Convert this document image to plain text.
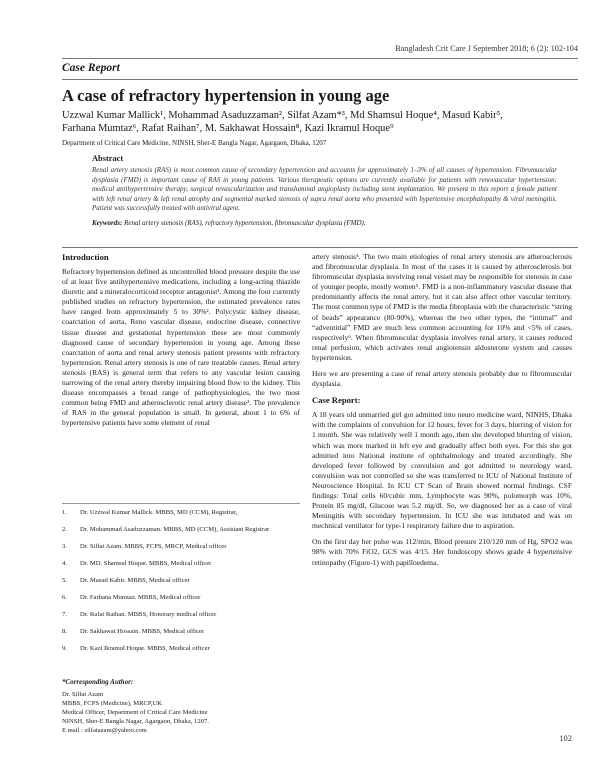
Bangladesh Crit Care J September 2018; 6 (2): 102-104
Case Report
A case of refractory hypertension in young age
Uzzwal Kumar Mallick¹, Mohammad Asaduzzaman², Silfat Azam*³, Md Shamsul Hoque⁴, Masud Kabir⁵,
Farhana Mumtaz⁶, Rafat Raihan⁷, M. Sakhawat Hossain⁸, Kazi Ikramul Hoque⁹
Department of Critical Care Medicine, NINSH, Sher-E Bangla Nagar, Agargaon, Dhaka, 1207
Abstract

Renal artery stenosis (RAS) is most common cause of secondary hypertension and accounts for approximately 1–3% of all causes of hypertension. Fibromuscular dysplasia (FMD) is important cause of RAS in young patients. Various therapeutic options are currently available for patients with renovascular hypertension: medical antihypertensive therapy, surgical revascularization and transluminal angioplasty including stent implantation. We present in this report a female patient with left renal artery & left renal atrophy and segmental marked stenosis of supra renal aorta who presented with hypertensive encephalopathy & viral meningitis. Patient was successfully treated with antiviral agent.

Keywords: Renal artery stenosis (RAS), refractory hypertension, fibromuscular dysplasia (FMD).
Introduction

Refractory hypertension defined as uncontrolled blood pressure despite the use of at least five antihypertensive medications, including a long-acting thiazide diuretic and a mineralocorticoid receptor antagonist¹. Among the four currently published studies on refractory hypertension, the estimated prevalence rates have ranged from approximately 5 to 30%². Polycystic kidney disease, coarctation of aorta, Reno vascular disease, endocrine disease, connective tissue disease and gestational hypertension these are most commonly diagnosed cause of secondary hypertension in young age. Among these coarctation of aorta and renal artery stenosis patient presents with refractory hypertension. Renal artery stenosis is one of rare treatable causes. Renal artery stenosis (RAS) is general term that refers to any vascular lesion causing narrowing of the renal artery thereby impairing blood flow to the kidney. This disease encompasses a broad range of pathophysiologies, the two most common being FMD and atherosclerotic renal artery disease³. The prevalence of RAS in the general population is small. In general, about 1 to 6% of hypertensive patients have some element of renal

1.	Dr. Uzzwal Kumar Mallick. MBBS, MD (CCM), Registrar,
2.	Dr. Mohammad Asaduzzaman. MBBS, MD (CCM), Assistant Registrar
3.	Dr. Silfat Azam. MBBS, FCPS, MRCP, Medical officer
4.	Dr. MD. Shamsul Hoque. MBBS, Medical officer
5.	Dr. Masud Kabir. MBBS, Medical officer
6.	Dr. Farhana Mumtaz. MBBS, Medical officer
7.	Dr. Rafat Raihan. MBBS, Honorary medical officer
8.	Dr. Sakhawat Hossain. MBBS, Medical officer
9.	Dr. Kazi Ikramul Hoque. MBBS, Medical officer
*Corresponding Author:
Dr. Silfat Azam
MBBS, FCPS (Medicine), MRCP,UK
Medical Officer, Department of Critical Care Medicine
NINSH, Sher-E Bangla Nagar, Agargaon, Dhaka, 1207.
E mail : silfatazam@yahoo.com

artery stenosis⁴. The two main etiologies of renal artery stenosis are atherosclerosis and fibromuscular dysplasia. In most of the cases it is caused by atherosclerosis but fibromuscular dysplasia involving renal vessel may be responsible for stenosis in case of younger people, mostly women⁵. FMD is a non-inflammatory vascular disease that predominantly affects the renal artery, but it can also affect other vascular territory. The most common type of FMD is the media fibroplasia with the characteristic “string of beads” appearance (80-90%), whereas the two other types, the “intimal” and “adventitial” FMD are much less common accounting for 10% and <5% of cases, respectively⁶. When fibromuscular dysplasia involves renal artery, it causes reduced renal perfusion, which activates renal angiotensin aldosterone system and causes hypertension.

Here we are presenting a case of renal artery stenosis probably due to fibromuscular dysplasia.

Case Report:

A 18 years old unmarried girl got admitted into neuro medicine ward, NINHS, Dhaka with the complaints of convulsion for 12 hours, fever for 3 days, blurring of vision for 1 month. She was relatively well 1 month ago, then she developed blurring of vision, which was more marked in left eye and gradually affect both eyes. For this she got admitted into National institute of ophthalmology and treated accordingly. She developed fever followed by convulsion and got admitted to neurology ward, convulsion was not controlled so she was transferred to ICU of National Institute of Neuroscience Hospital. In ICU CT Scan of Brain showed normal findings. CSF findings: Total cells 60/cubic mm, Lymphocyte was 90%, polomorph was 10%, Protein 85 mg/dl, Glucose was 5.2 mg/dl. So, we diagnosed her as a case of viral Meningitis with secondary hypertension. In ICU she was intubated and was on mechnical ventilator for type-1 respiratory failure due to aspiration.

On the first day her pulse was 112/min, Blood presure 210/120 mm of Hg, SPO2 was 98% with 70% FiO2, GCS was 4/15. Her fundoscopy shows grade 4 hypertensive retinopathy (Figure-1) with papilloedema.

102
